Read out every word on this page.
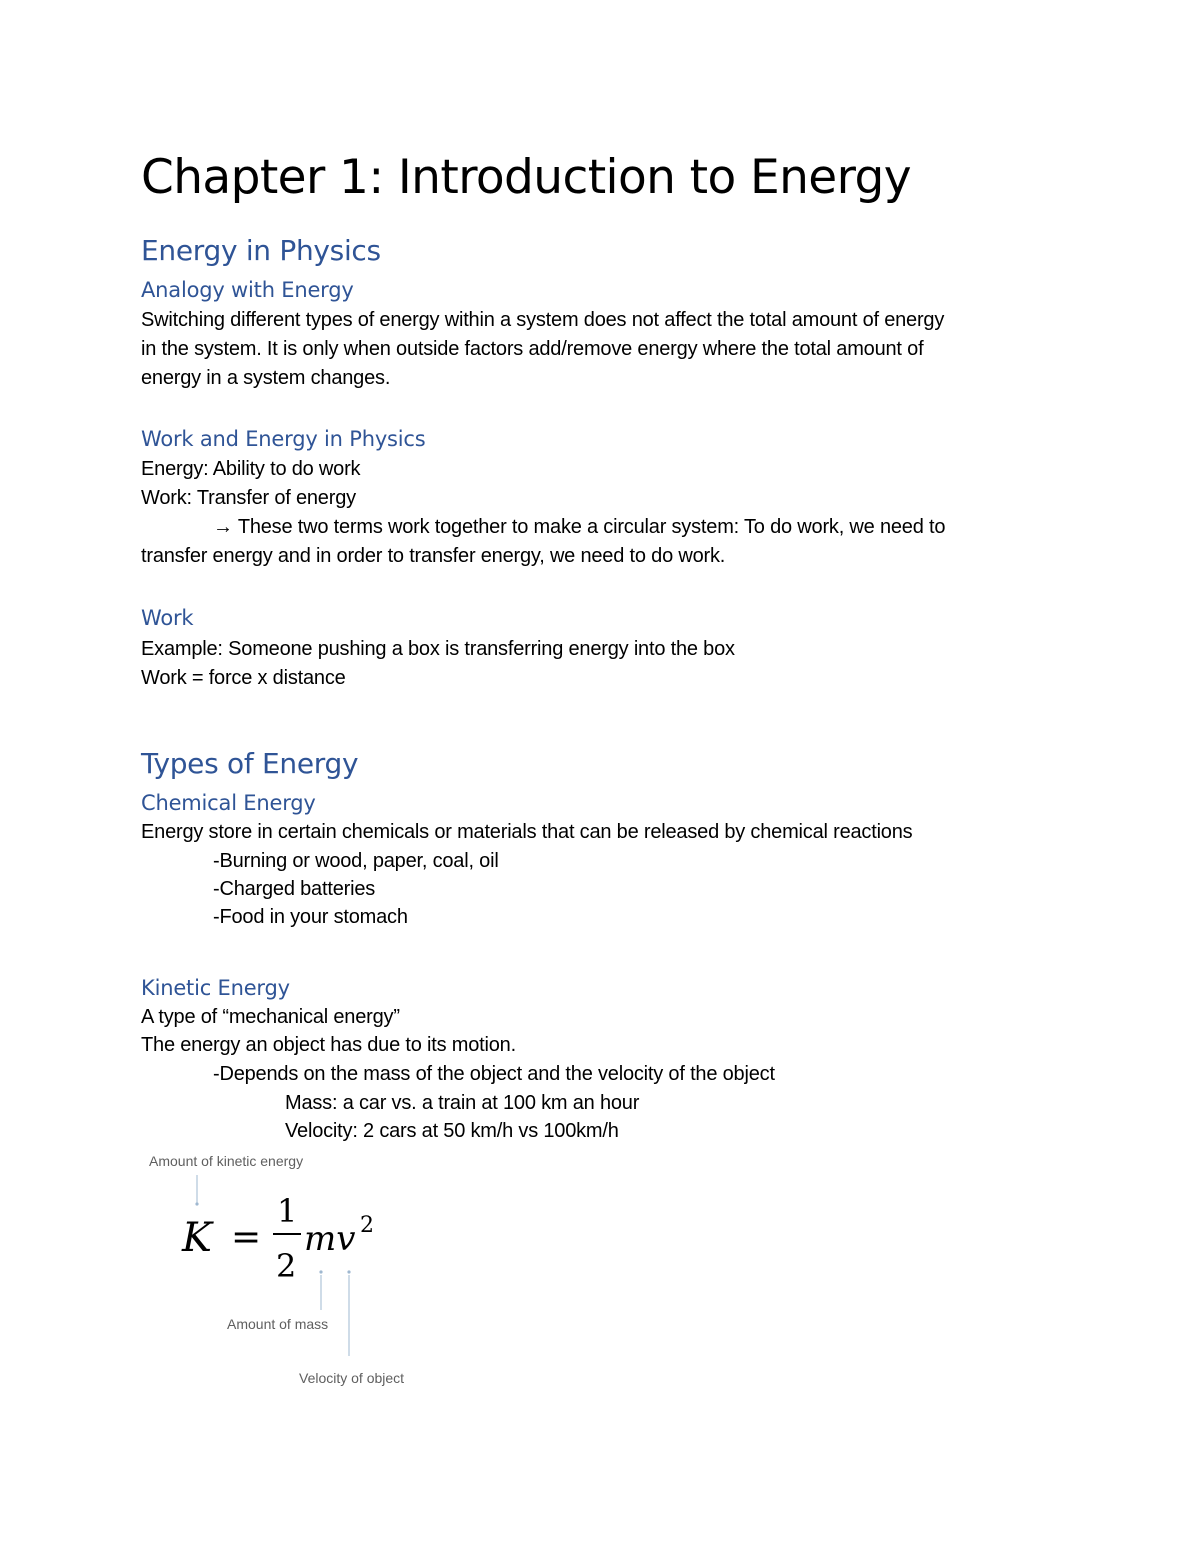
Chapter 1: Introduction to Energy
Energy in Physics
Analogy with Energy
Switching different types of energy within a system does not affect the total amount of energy
in the system. It is only when outside factors add/remove energy where the total amount of
energy in a system changes.
Work and Energy in Physics
Energy: Ability to do work
Work: Transfer of energy
→ These two terms work together to make a circular system: To do work, we need to
transfer energy and in order to transfer energy, we need to do work.
Work
Example: Someone pushing a box is transferring energy into the box
Work = force x distance
Types of Energy
Chemical Energy
Energy store in certain chemicals or materials that can be released by chemical reactions
-Burning or wood, paper, coal, oil
-Charged batteries
-Food in your stomach
Kinetic Energy
A type of “mechanical energy”
The energy an object has due to its motion.
-Depends on the mass of the object and the velocity of the object
Mass: a car vs. a train at 100 km an hour
Velocity: 2 cars at 50 km/h vs 100km/h
Amount of kinetic energy
K =
1
2
mv 2
Amount of mass
Velocity of object
